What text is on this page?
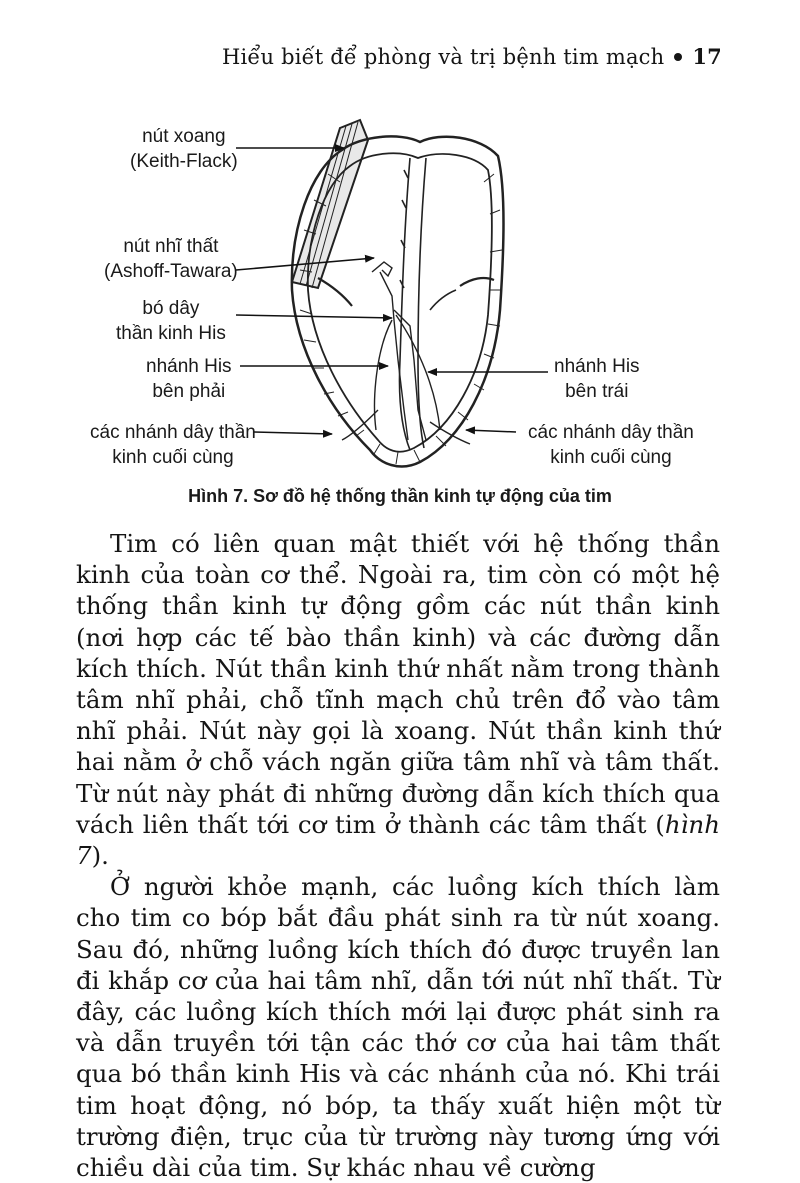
Hiểu biết để phòng và trị bệnh tim mạch 17
nút xoang
(Keith-Flack)
nút nhĩ thất
(Ashoff-Tawara)
bó dây
thần kinh His
nhánh His
bên phải
các nhánh dây thần
kinh cuối cùng
nhánh His
bên trái
các nhánh dây thần
kinh cuối cùng
Hình 7. Sơ đồ hệ thống thần kinh tự động của tim

Tim có liên quan mật thiết với hệ thống thần kinh của toàn cơ thể. Ngoài ra, tim còn có một hệ thống thần kinh tự động gồm các nút thần kinh (nơi hợp các tế bào thần kinh) và các đường dẫn kích thích. Nút thần kinh thứ nhất nằm trong thành tâm nhĩ phải, chỗ tĩnh mạch chủ trên đổ vào tâm nhĩ phải. Nút này gọi là xoang. Nút thần kinh thứ hai nằm ở chỗ vách ngăn giữa tâm nhĩ và tâm thất. Từ nút này phát đi những đường dẫn kích thích qua vách liên thất tới cơ tim ở thành các tâm thất (hình 7).

Ở người khỏe mạnh, các luồng kích thích làm cho tim co bóp bắt đầu phát sinh ra từ nút xoang. Sau đó, những luồng kích thích đó được truyền lan đi khắp cơ của hai tâm nhĩ, dẫn tới nút nhĩ thất. Từ đây, các luồng kích thích mới lại được phát sinh ra và dẫn truyền tới tận các thớ cơ của hai tâm thất qua bó thần kinh His và các nhánh của nó. Khi trái tim hoạt động, nó bóp, ta thấy xuất hiện một từ trường điện, trục của từ trường này tương ứng với chiều dài của tim. Sự khác nhau về cường
